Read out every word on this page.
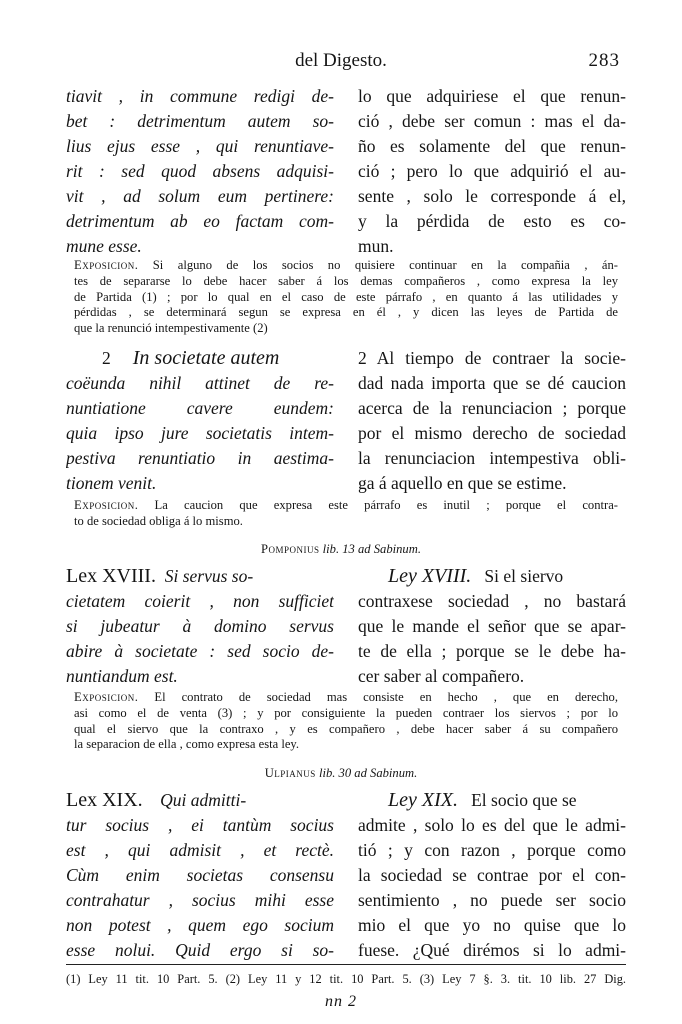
del Digesto.	283
tiavit , in commune redigi de-
bet : detrimentum autem so-
lius ejus esse , qui renuntiave-
rit : sed quod absens adquisi-
vit , ad solum eum pertinere:
detrimentum ab eo factam com-
mune esse.
lo que adquiriese el que renun-
ció , debe ser comun : mas el da-
ño es solamente del que renun-
ció ; pero lo que adquirió el au-
sente , solo le corresponde á el,
y la pérdida de esto es co-
mun.
Exposicion. Si alguno de los socios no quisiere continuar en la compañia , án-
tes de separarse lo debe hacer saber á los demas compañeros , como expresa la ley
de Partida (1) ; por lo qual en el caso de este párrafo , en quanto á las utilidades y
pérdidas , se determinará segun se expresa en él , y dicen las leyes de Partida de
que la renunció intempestivamente (2)
2 In societate autem
coëunda nihil attinet de re-
nuntiatione cavere eundem:
quia ipso jure societatis intem-
pestiva renuntiatio in aestima-
tionem venit.
2 Al tiempo de contraer la socie-
dad nada importa que se dé caucion
acerca de la renunciacion ; porque
por el mismo derecho de sociedad
la renunciacion intempestiva obli-
ga á aquello en que se estime.
Exposicion. La caucion que expresa este párrafo es inutil ; porque el contra-
to de sociedad obliga á lo mismo.
Pomponius lib. 13 ad Sabinum.
Lex XVIII. Si servus so-
cietatem coierit , non sufficiet
si jubeatur à domino servus
abire à societate : sed socio de-
nuntiandum est.
Ley XVIII. Si el siervo
contraxese sociedad , no bastará
que le mande el señor que se apar-
te de ella ; porque se le debe ha-
cer saber al compañero.
Exposicion. El contrato de sociedad mas consiste en hecho , que en derecho,
asi como el de venta (3) ; y por consiguiente la pueden contraer los siervos ; por lo
qual el siervo que la contraxo , y es compañero , debe hacer saber á su compañero
la separacion de ella , como expresa esta ley.
Ulpianus lib. 30 ad Sabinum.
Lex XIX. Qui admitti-
tur socius , ei tantùm socius
est , qui admisit , et rectè.
Cùm enim societas consensu
contrahatur , socius mihi esse
non potest , quem ego socium
esse nolui. Quid ergo si so-
Ley XIX. El socio que se
admite , solo lo es del que le admi-
tió ; y con razon , porque como
la sociedad se contrae por el con-
sentimiento , no puede ser socio
mio el que yo no quise que lo
fuese. ¿Qué dirémos si lo admi-
(1) Ley 11 tit. 10 Part. 5. (2) Ley 11 y 12 tit. 10 Part. 5. (3) Ley 7 §. 3. tit. 10 lib. 27 Dig.
nn 2
